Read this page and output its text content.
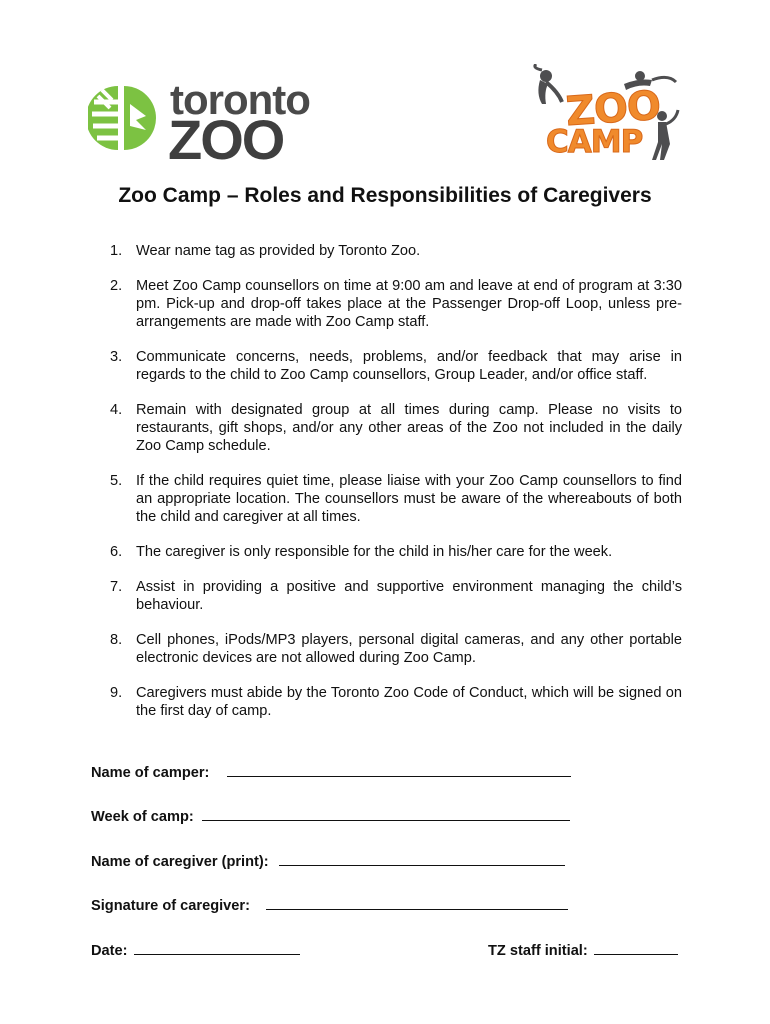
toronto
ZOO	ZOO
CAMP
Zoo Camp – Roles and Responsibilities of Caregivers
1. Wear name tag as provided by Toronto Zoo.
2. Meet Zoo Camp counsellors on time at 9:00 am and leave at end of program at 3:30 pm. Pick-up and drop-off takes place at the Passenger Drop-off Loop, unless pre-arrangements are made with Zoo Camp staff.
3. Communicate concerns, needs, problems, and/or feedback that may arise in regards to the child to Zoo Camp counsellors, Group Leader, and/or office staff.
4. Remain with designated group at all times during camp. Please no visits to restaurants, gift shops, and/or any other areas of the Zoo not included in the daily Zoo Camp schedule.
5. If the child requires quiet time, please liaise with your Zoo Camp counsellors to find an appropriate location. The counsellors must be aware of the whereabouts of both the child and caregiver at all times.
6. The caregiver is only responsible for the child in his/her care for the week.
7. Assist in providing a positive and supportive environment managing the child’s behaviour.
8. Cell phones, iPods/MP3 players, personal digital cameras, and any other portable electronic devices are not allowed during Zoo Camp.
9. Caregivers must abide by the Toronto Zoo Code of Conduct, which will be signed on the first day of camp.
Name of camper:
Week of camp:
Name of caregiver (print):
Signature of caregiver:
Date:	TZ staff initial:
